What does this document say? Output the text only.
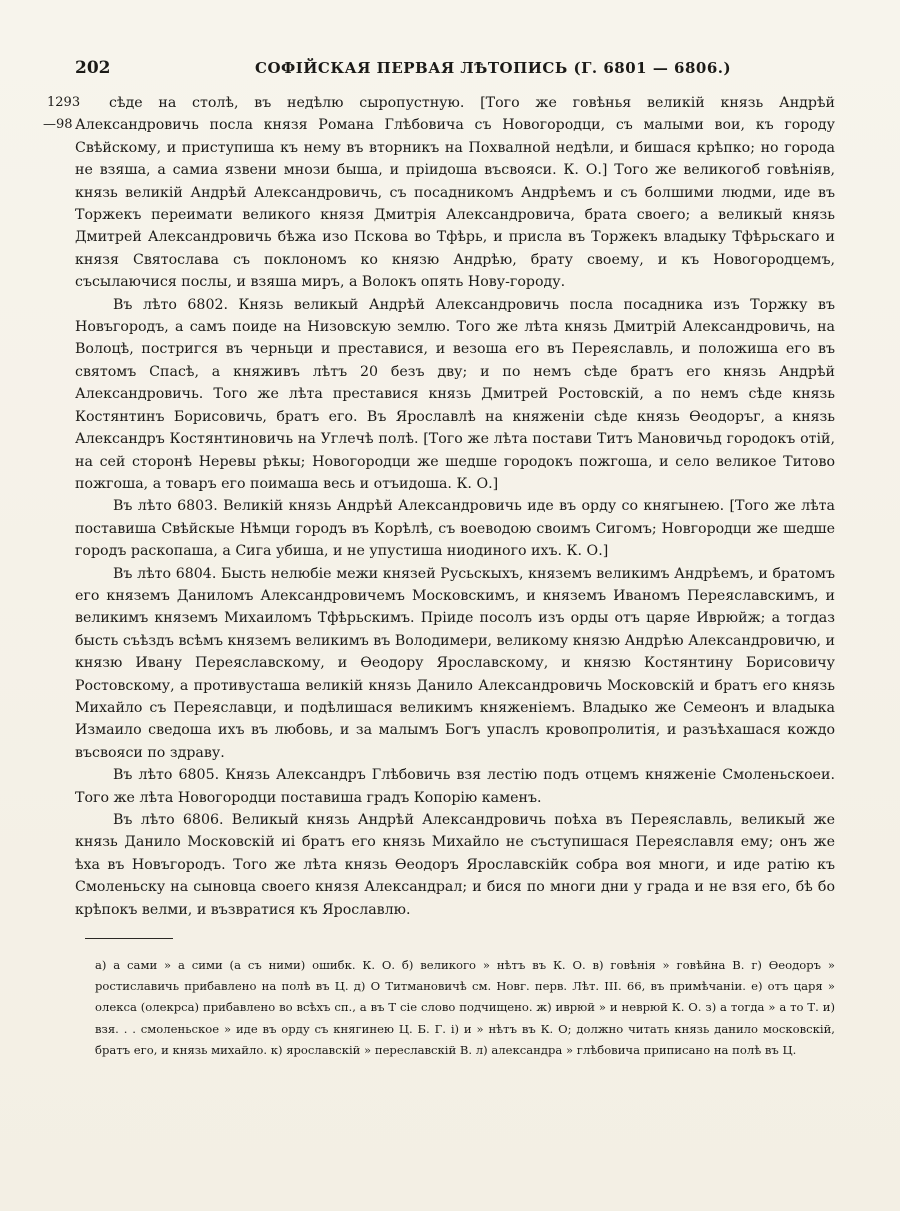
202	СОФІЙСКАЯ ПЕРВАЯ ЛѢТОПИСЬ (Г. 6801 — 6806.)
1293
—98

сѣде на столѣ, въ недѣлю сыропустную. [Того же говѣнья великій князь Андрѣй Александровичь посла князя Романа Глѣбовича съ Новогородци, съ малыми вои, къ городу Свѣйскому, и приступиша къ нему въ вторникъ на Похвалной недѣли, и бишася крѣпко; но города не взяша, а самиа язвени мнози быша, и пріидоша въсвояси. К. О.] Того же великогоб говѣніяв, князь великій Андрѣй Александровичь, съ посадникомъ Андрѣемъ и съ болшими людми, иде въ Торжекъ переимати великого князя Дмитрія Александровича, брата своего; а великый князь Дмитрей Александровичь бѣжа изо Пскова во Тфѣрь, и присла въ Торжекъ владыку Тфѣрьскаго и князя Святослава съ поклономъ ко князю Андрѣю, брату своему, и къ Новогородцемъ, съсылаючися послы, и взяша миръ, а Волокъ опять Нову-городу.

Въ лѣто 6802. Князь великый Андрѣй Александровичь посла посадника изъ Торжку въ Новъгородъ, а самъ поиде на Низовскую землю. Того же лѣта князь Дмитрій Александровичь, на Волоцѣ, постригся въ черньци и преставися, и везоша его въ Переяславль, и положиша его въ святомъ Спасѣ, а княживъ лѣтъ 20 безъ дву; и по немъ сѣде братъ его князь Андрѣй Александровичь. Того же лѣта преставися князь Дмитрей Ростовскій, а по немъ сѣде князь Костянтинъ Борисовичь, братъ его. Въ Ярославлѣ на княженіи сѣде князь Өеодоръг, а князь Александръ Костянтиновичь на Углечѣ полѣ. [Того же лѣта постави Титъ Мановичьд городокъ отій, на сей сторонѣ Неревы рѣкы; Новогородци же шедше городокъ пожгоша, и село великое Титово пожгоша, а товаръ его поимаша весь и отъидоша. К. О.]

Въ лѣто 6803. Великій князь Андрѣй Александровичь иде въ орду со княгынею. [Того же лѣта поставиша Свѣйскые Нѣмци городъ въ Корѣлѣ, съ воеводою своимъ Сигомъ; Новгородци же шедше городъ раскопаша, а Сига убиша, и не упустиша ниодиного ихъ. К. О.]

Въ лѣто 6804. Бысть нелюбіе межи князей Русьскыхъ, княземъ великимъ Андрѣемъ, и братомъ его княземъ Даниломъ Александровичемъ Московскимъ, и княземъ Иваномъ Переяславскимъ, и великимъ княземъ Михаиломъ Тфѣрьскимъ. Пріиде посолъ изъ орды отъ царяе Иврюйж; а тогдаз бысть съѣздъ всѣмъ княземъ великимъ въ Володимери, великому князю Андрѣю Александровичю, и князю Ивану Переяславскому, и Өеодору Ярославскому, и князю Костянтину Борисовичу Ростовскому, а противусташа великій князь Данило Александровичь Московскій и братъ его князь Михайло съ Переяславци, и подѣлишася великимъ княженіемъ. Владыко же Семеонъ и владыка Измаило сведоша ихъ въ любовь, и за малымъ Богъ упаслъ кровопролитія, и разъѣхашася кождо въсвояси по здраву.

Въ лѣто 6805. Князь Александръ Глѣбовичь взя лестію подъ отцемъ княженіе Смоленьскоеи. Того же лѣта Новогородци поставиша градъ Копорію каменъ.

Въ лѣто 6806. Великый князь Андрѣй Александровичь поѣха въ Переяславль, великый же князь Данило Московскій иі братъ его князь Михайло не съступишася Переяславля ему; онъ же ѣха въ Новъгородъ. Того же лѣта князь Өеодоръ Ярославскійк собра воя многи, и иде ратію къ Смоленьску на сыновца своего князя Александрал; и бися по многи дни у града и не взя его, бѣ бо крѣпокъ велми, и възвратися къ Ярославлю.

а) а сами » а сими (а съ ними) ошибк. К. О. б) великого » нѣтъ въ К. О. в) говѣнія » говѣйна В. г) Өеодоръ » ростиславичь прибавлено на полѣ въ Ц. д) О Титмановичѣ см. Новг. перв. Лѣт. III. 66, въ примѣчаніи. е) отъ царя » олекса (олекрса) прибавлено во всѣхъ сп., а въ Т сіе слово подчищено. ж) иврюй » и неврюй К. О. з) а тогда » а то Т. и) взя. . . смоленьское » иде въ орду съ княгинею Ц. Б. Г. і) и » нѣтъ въ К. О; должно читать князь данило московскій, братъ его, и князь михайло. к) ярославскій » переславскій В. л) александра » глѣбовича приписано на полѣ въ Ц.
